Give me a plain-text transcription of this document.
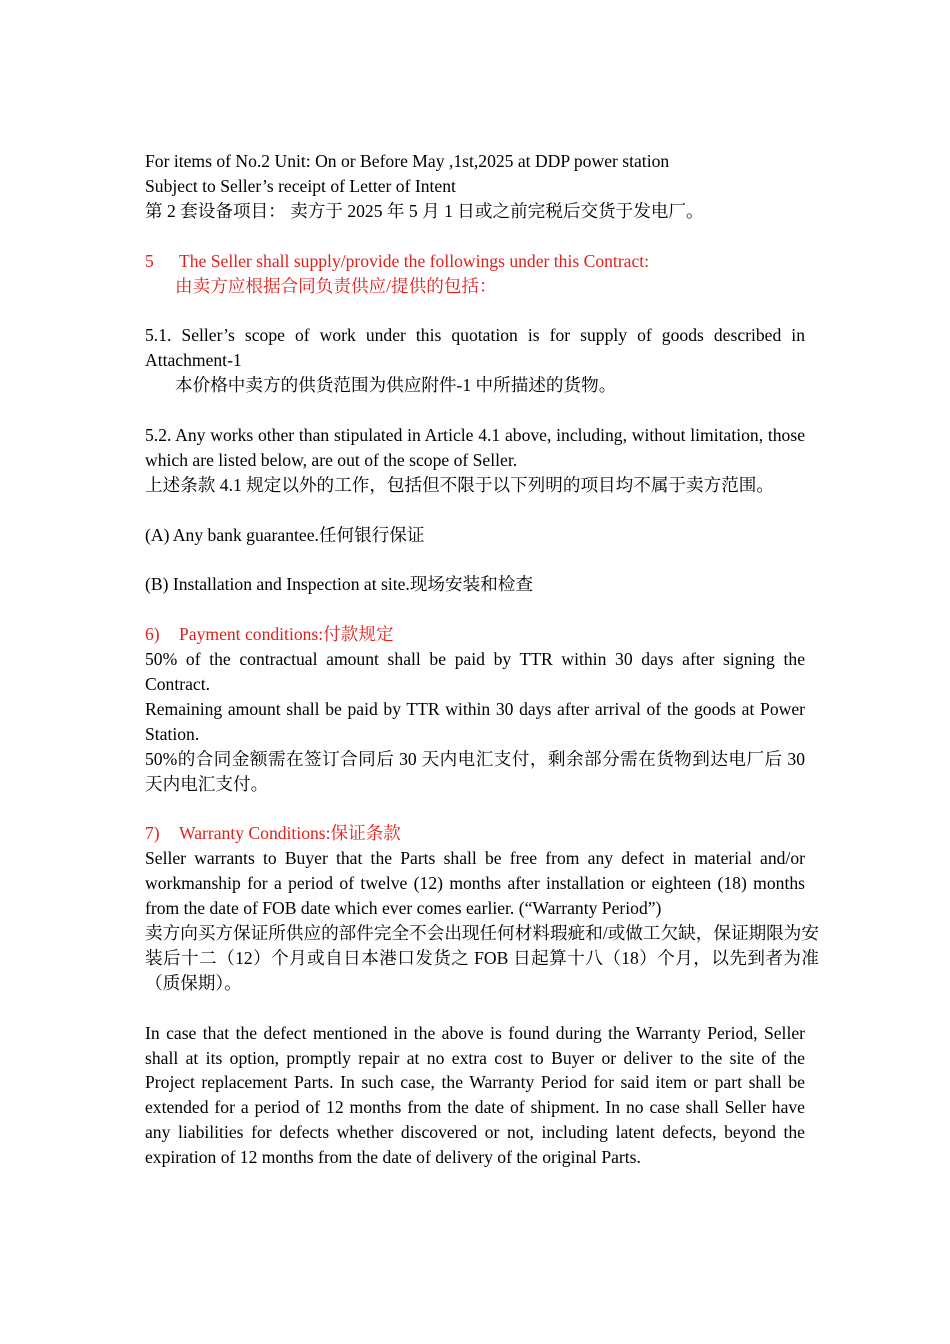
For items of No.2 Unit: On or Before May ,1st,2025 at DDP power station

Subject to Seller’s receipt of Letter of Intent

第 2 套设备项目： 卖方于 2025 年 5 月 1 日或之前完税后交货于发电厂。

5 The Seller shall supply/provide the followings under this Contract:

由卖方应根据合同负责供应/提供的包括：

5.1. Seller’s scope of work under this quotation is for supply of goods described in Attachment-1

本价格中卖方的供货范围为供应附件-1 中所描述的货物。

5.2. Any works other than stipulated in Article 4.1 above, including, without limitation, those which are listed below, are out of the scope of Seller.

上述条款 4.1 规定以外的工作，包括但不限于以下列明的项目均不属于卖方范围。

(A) Any bank guarantee.任何银行保证

(B) Installation and Inspection at site.现场安装和检查

6) Payment conditions:付款规定

50% of the contractual amount shall be paid by TTR within 30 days after signing the Contract.

Remaining amount shall be paid by TTR within 30 days after arrival of the goods at Power Station.

50%的合同金额需在签订合同后 30 天内电汇支付，剩余部分需在货物到达电厂后 30 天内电汇支付。

7) Warranty Conditions:保证条款

Seller warrants to Buyer that the Parts shall be free from any defect in material and/or workmanship for a period of twelve (12) months after installation or eighteen (18) months from the date of FOB date which ever comes earlier. (“Warranty Period”)

卖方向买方保证所供应的部件完全不会出现任何材料瑕疵和/或做工欠缺，保证期限为安装后十二（12）个月或自日本港口发货之 FOB 日起算十八（18）个月，以先到者为准（质保期）。

In case that the defect mentioned in the above is found during the Warranty Period, Seller shall at its option, promptly repair at no extra cost to Buyer or deliver to the site of the Project replacement Parts. In such case, the Warranty Period for said item or part shall be extended for a period of 12 months from the date of shipment. In no case shall Seller have any liabilities for defects whether discovered or not, including latent defects, beyond the expiration of 12 months from the date of delivery of the original Parts.
